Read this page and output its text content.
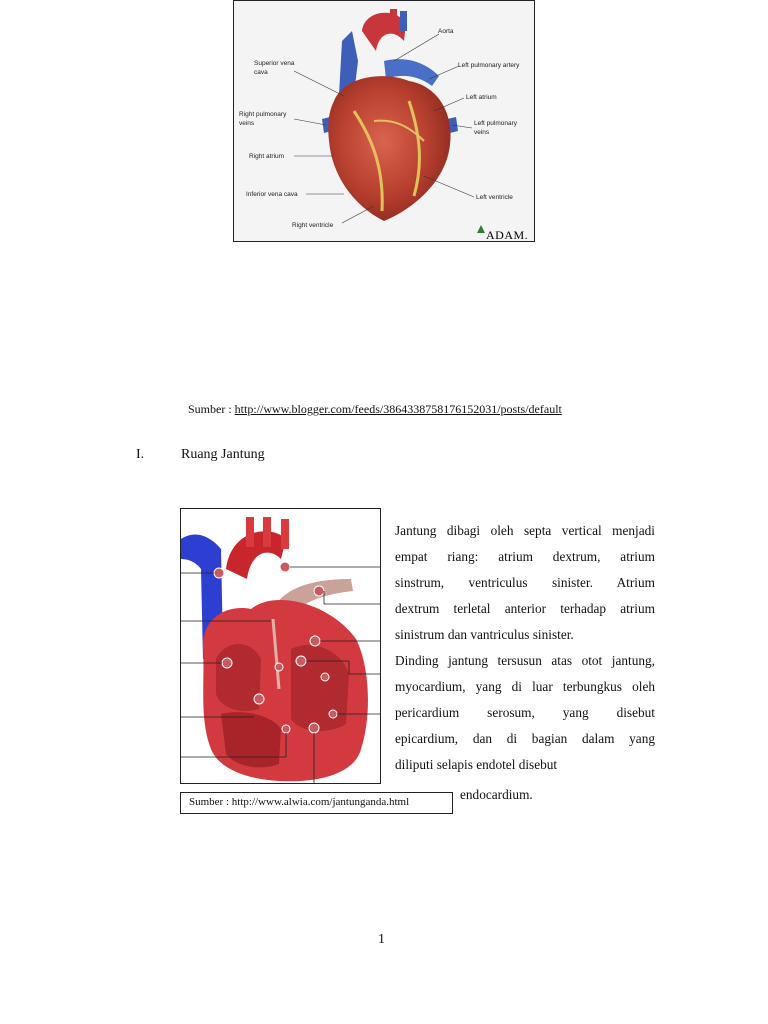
Aorta
Superior vena
cava
Left pulmonary artery
Left atrium
Right pulmonary
veins	Left pulmonary
veins
Right atrium
Inferior vena cava	Left ventricle
Right ventricle
ADAM.
Sumber : http://www.blogger.com/feeds/3864338758176152031/posts/default
I.	Ruang Jantung
Sumber : http://www.alwia.com/jantunganda.html
Jantung dibagi oleh septa vertical menjadi
empat riang: atrium dextrum, atrium
sinstrum, ventriculus sinister. Atrium
dextrum terletal anterior terhadap atrium
sinistrum dan vantriculus sinister.
Dinding jantung tersusun atas otot jantung,
myocardium, yang di luar terbungkus oleh
pericardium serosum, yang disebut
epicardium, dan di bagian dalam yang
diliputi selapis endotel disebut
endocardium.
1
